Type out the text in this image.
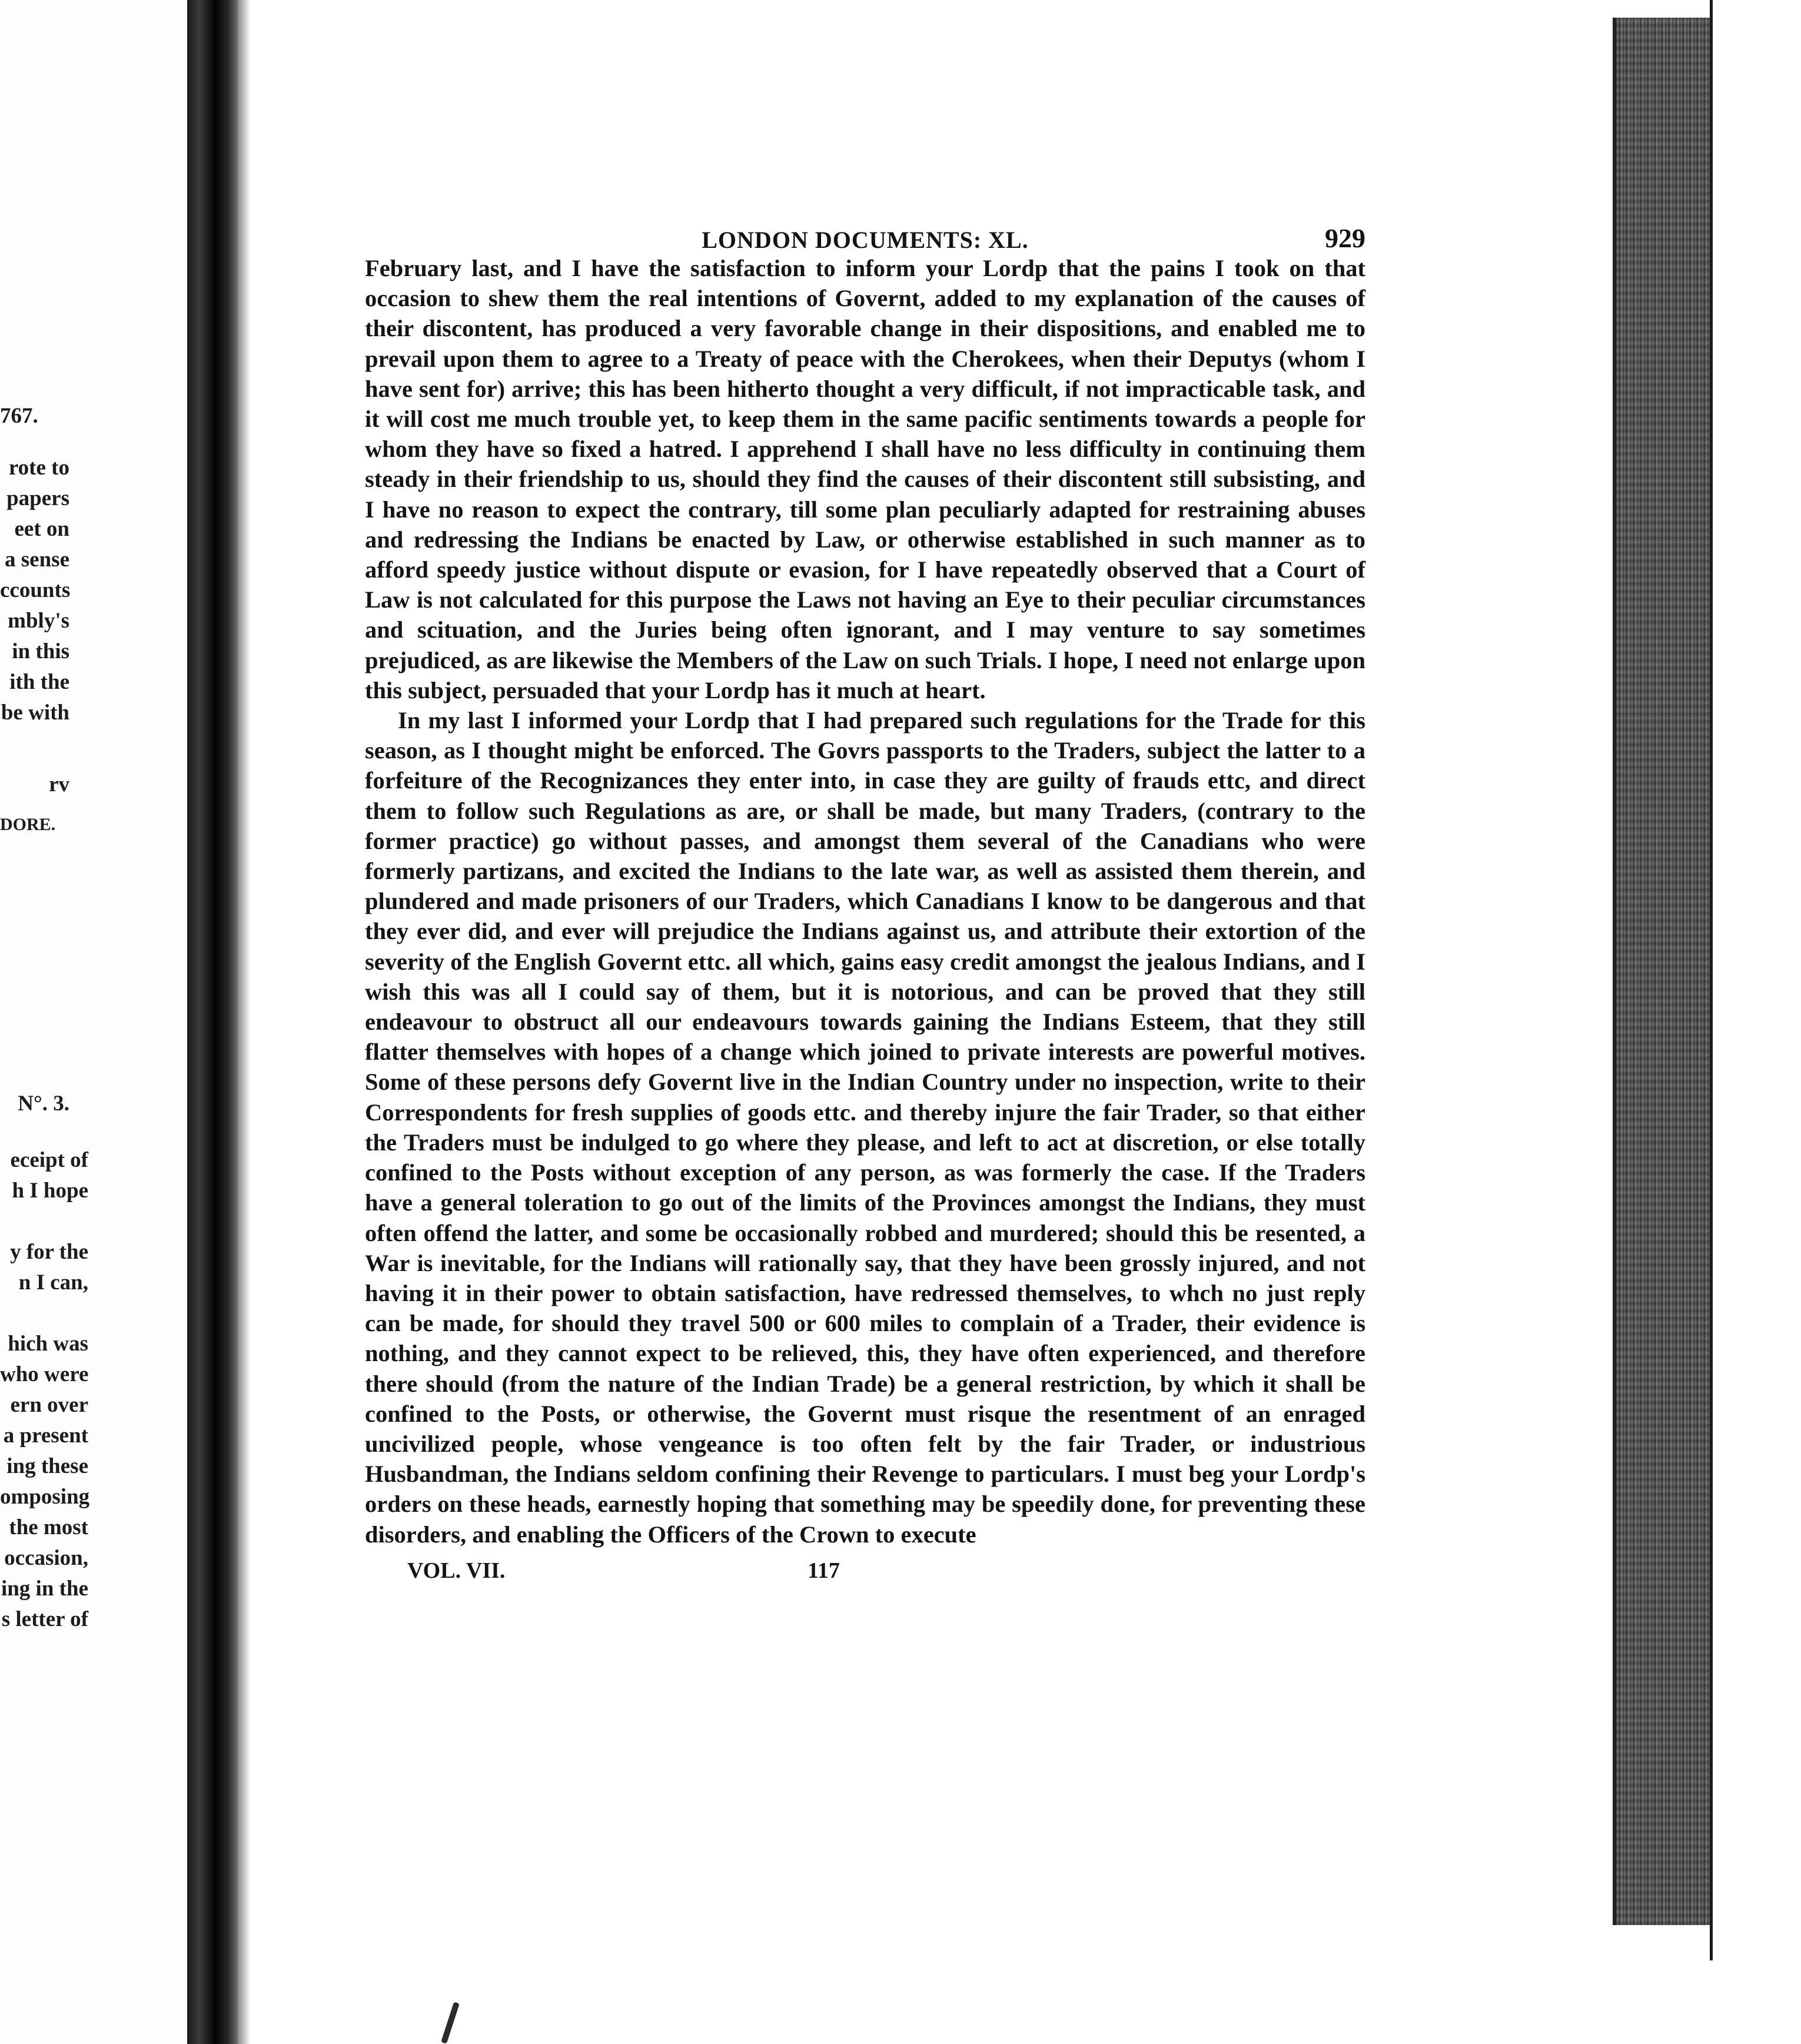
767.
rote to
papers
eet on
a sense
ccounts
mbly's
in this
ith the
be with
rv
DORE.
N°. 3.
eceipt of
h I hope
y for the
n I can,
hich was
who were
ern over
a present
ing these
omposing
the most
occasion,
ing in the
s letter of
LONDON DOCUMENTS: XL.	929

February last, and I have the satisfaction to inform your Lordp that the pains I took on that occasion to shew them the real intentions of Governt, added to my explanation of the causes of their discontent, has produced a very favorable change in their dispositions, and enabled me to prevail upon them to agree to a Treaty of peace with the Cherokees, when their Deputys (whom I have sent for) arrive; this has been hitherto thought a very difficult, if not impracticable task, and it will cost me much trouble yet, to keep them in the same pacific sentiments towards a people for whom they have so fixed a hatred. I apprehend I shall have no less difficulty in continuing them steady in their friendship to us, should they find the causes of their discontent still subsisting, and I have no reason to expect the contrary, till some plan peculiarly adapted for restraining abuses and redressing the Indians be enacted by Law, or otherwise established in such manner as to afford speedy justice without dispute or evasion, for I have repeatedly observed that a Court of Law is not calculated for this purpose the Laws not having an Eye to their peculiar circumstances and scituation, and the Juries being often ignorant, and I may venture to say sometimes prejudiced, as are likewise the Members of the Law on such Trials. I hope, I need not enlarge upon this subject, persuaded that your Lordp has it much at heart.

In my last I informed your Lordp that I had prepared such regulations for the Trade for this season, as I thought might be enforced. The Govrs passports to the Traders, subject the latter to a forfeiture of the Recognizances they enter into, in case they are guilty of frauds ettc, and direct them to follow such Regulations as are, or shall be made, but many Traders, (contrary to the former practice) go without passes, and amongst them several of the Canadians who were formerly partizans, and excited the Indians to the late war, as well as assisted them therein, and plundered and made prisoners of our Traders, which Canadians I know to be dangerous and that they ever did, and ever will prejudice the Indians against us, and attribute their extortion of the severity of the English Governt ettc. all which, gains easy credit amongst the jealous Indians, and I wish this was all I could say of them, but it is notorious, and can be proved that they still endeavour to obstruct all our endeavours towards gaining the Indians Esteem, that they still flatter themselves with hopes of a change which joined to private interests are powerful motives. Some of these persons defy Governt live in the Indian Country under no inspection, write to their Correspondents for fresh supplies of goods ettc. and thereby injure the fair Trader, so that either the Traders must be indulged to go where they please, and left to act at discretion, or else totally confined to the Posts without exception of any person, as was formerly the case. If the Traders have a general toleration to go out of the limits of the Provinces amongst the Indians, they must often offend the latter, and some be occasionally robbed and murdered; should this be resented, a War is inevitable, for the Indians will rationally say, that they have been grossly injured, and not having it in their power to obtain satisfaction, have redressed themselves, to whch no just reply can be made, for should they travel 500 or 600 miles to complain of a Trader, their evidence is nothing, and they cannot expect to be relieved, this, they have often experienced, and therefore there should (from the nature of the Indian Trade) be a general restriction, by which it shall be confined to the Posts, or otherwise, the Governt must risque the resentment of an enraged uncivilized people, whose vengeance is too often felt by the fair Trader, or industrious Husbandman, the Indians seldom confining their Revenge to particulars. I must beg your Lordp's orders on these heads, earnestly hoping that something may be speedily done, for preventing these disorders, and enabling the Officers of the Crown to execute

VOL. VII.	117
